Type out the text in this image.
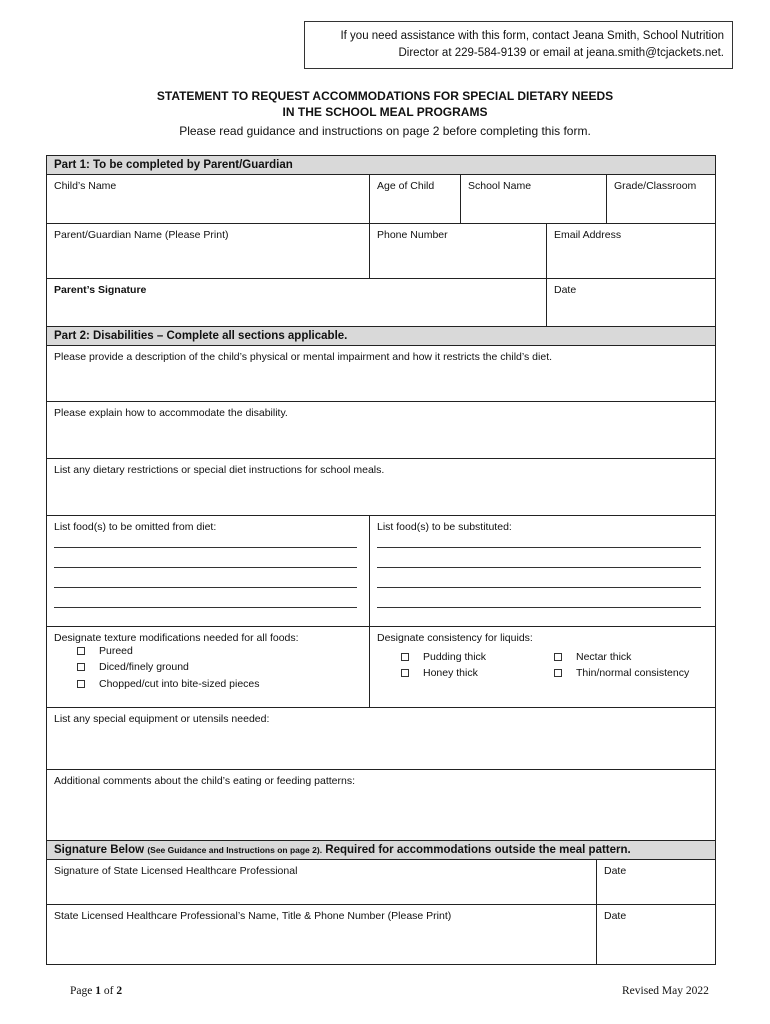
If you need assistance with this form, contact Jeana Smith, School Nutrition
Director at 229-584-9139 or email at jeana.smith@tcjackets.net.
STATEMENT TO REQUEST ACCOMMODATIONS FOR SPECIAL DIETARY NEEDS
IN THE SCHOOL MEAL PROGRAMS
Please read guidance and instructions on page 2 before completing this form.
Part 1: To be completed by Parent/Guardian
Child’s Name	Age of Child	School Name	Grade/Classroom
Parent/Guardian Name (Please Print)	Phone Number	Email Address
Parent’s Signature	Date
Part 2: Disabilities – Complete all sections applicable.
Please provide a description of the child’s physical or mental impairment and how it restricts the child’s diet.
Please explain how to accommodate the disability.
List any dietary restrictions or special diet instructions for school meals.
List food(s) to be omitted from diet:	List food(s) to be substituted:
Designate texture modifications needed for all foods:	Designate consistency for liquids:
Pureed
Diced/finely ground
Chopped/cut into bite-sized pieces
Pudding thick
Honey thick
Nectar thick
Thin/normal consistency
List any special equipment or utensils needed:
Additional comments about the child’s eating or feeding patterns:
Signature Below (See Guidance and Instructions on page 2). Required for accommodations outside the meal pattern.
Signature of State Licensed Healthcare Professional	Date
State Licensed Healthcare Professional’s Name, Title & Phone Number (Please Print)	Date
Page 1 of 2	Revised May 2022
